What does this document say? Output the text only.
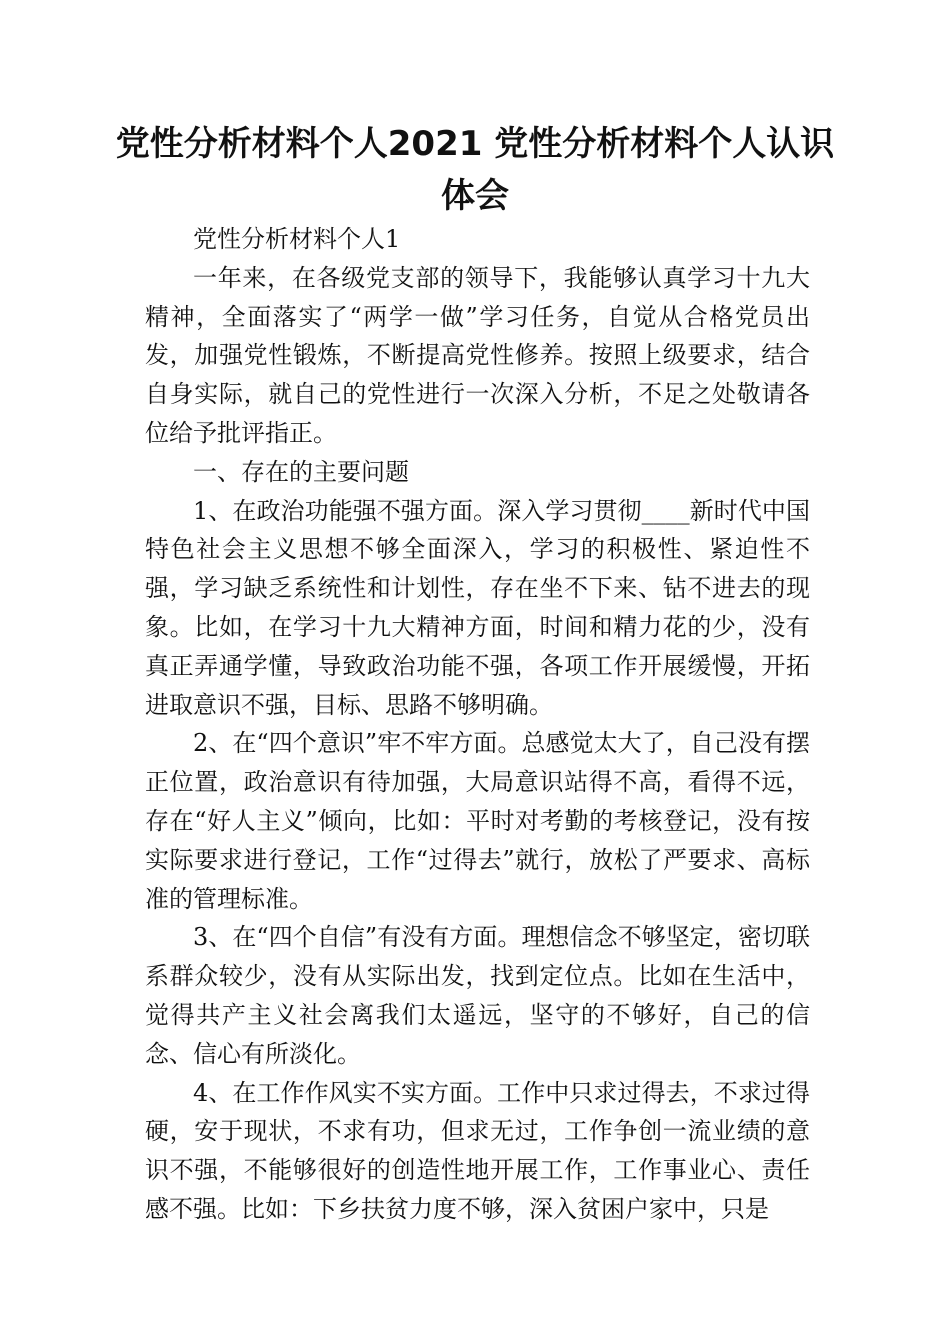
党性分析材料个人2021 党性分析材料个人认识体会

党性分析材料个人1

一年来，在各级党支部的领导下，我能够认真学习十九大精神，全面落实了“两学一做”学习任务，自觉从合格党员出发，加强党性锻炼，不断提高党性修养。按照上级要求，结合自身实际，就自己的党性进行一次深入分析，不足之处敬请各位给予批评指正。

一、存在的主要问题

1、在政治功能强不强方面。深入学习贯彻____新时代中国特色社会主义思想不够全面深入，学习的积极性、紧迫性不强，学习缺乏系统性和计划性，存在坐不下来、钻不进去的现象。比如，在学习十九大精神方面，时间和精力花的少，没有真正弄通学懂，导致政治功能不强，各项工作开展缓慢，开拓进取意识不强，目标、思路不够明确。

2、在“四个意识”牢不牢方面。总感觉太大了，自己没有摆正位置，政治意识有待加强，大局意识站得不高，看得不远，存在“好人主义”倾向，比如：平时对考勤的考核登记，没有按实际要求进行登记，工作“过得去”就行，放松了严要求、高标准的管理标准。

3、在“四个自信”有没有方面。理想信念不够坚定，密切联系群众较少，没有从实际出发，找到定位点。比如在生活中，觉得共产主义社会离我们太遥远，坚守的不够好，自己的信念、信心有所淡化。

4、在工作作风实不实方面。工作中只求过得去，不求过得硬，安于现状，不求有功，但求无过，工作争创一流业绩的意识不强，不能够很好的创造性地开展工作，工作事业心、责任感不强。比如：下乡扶贫力度不够，深入贫困户家中，只是
